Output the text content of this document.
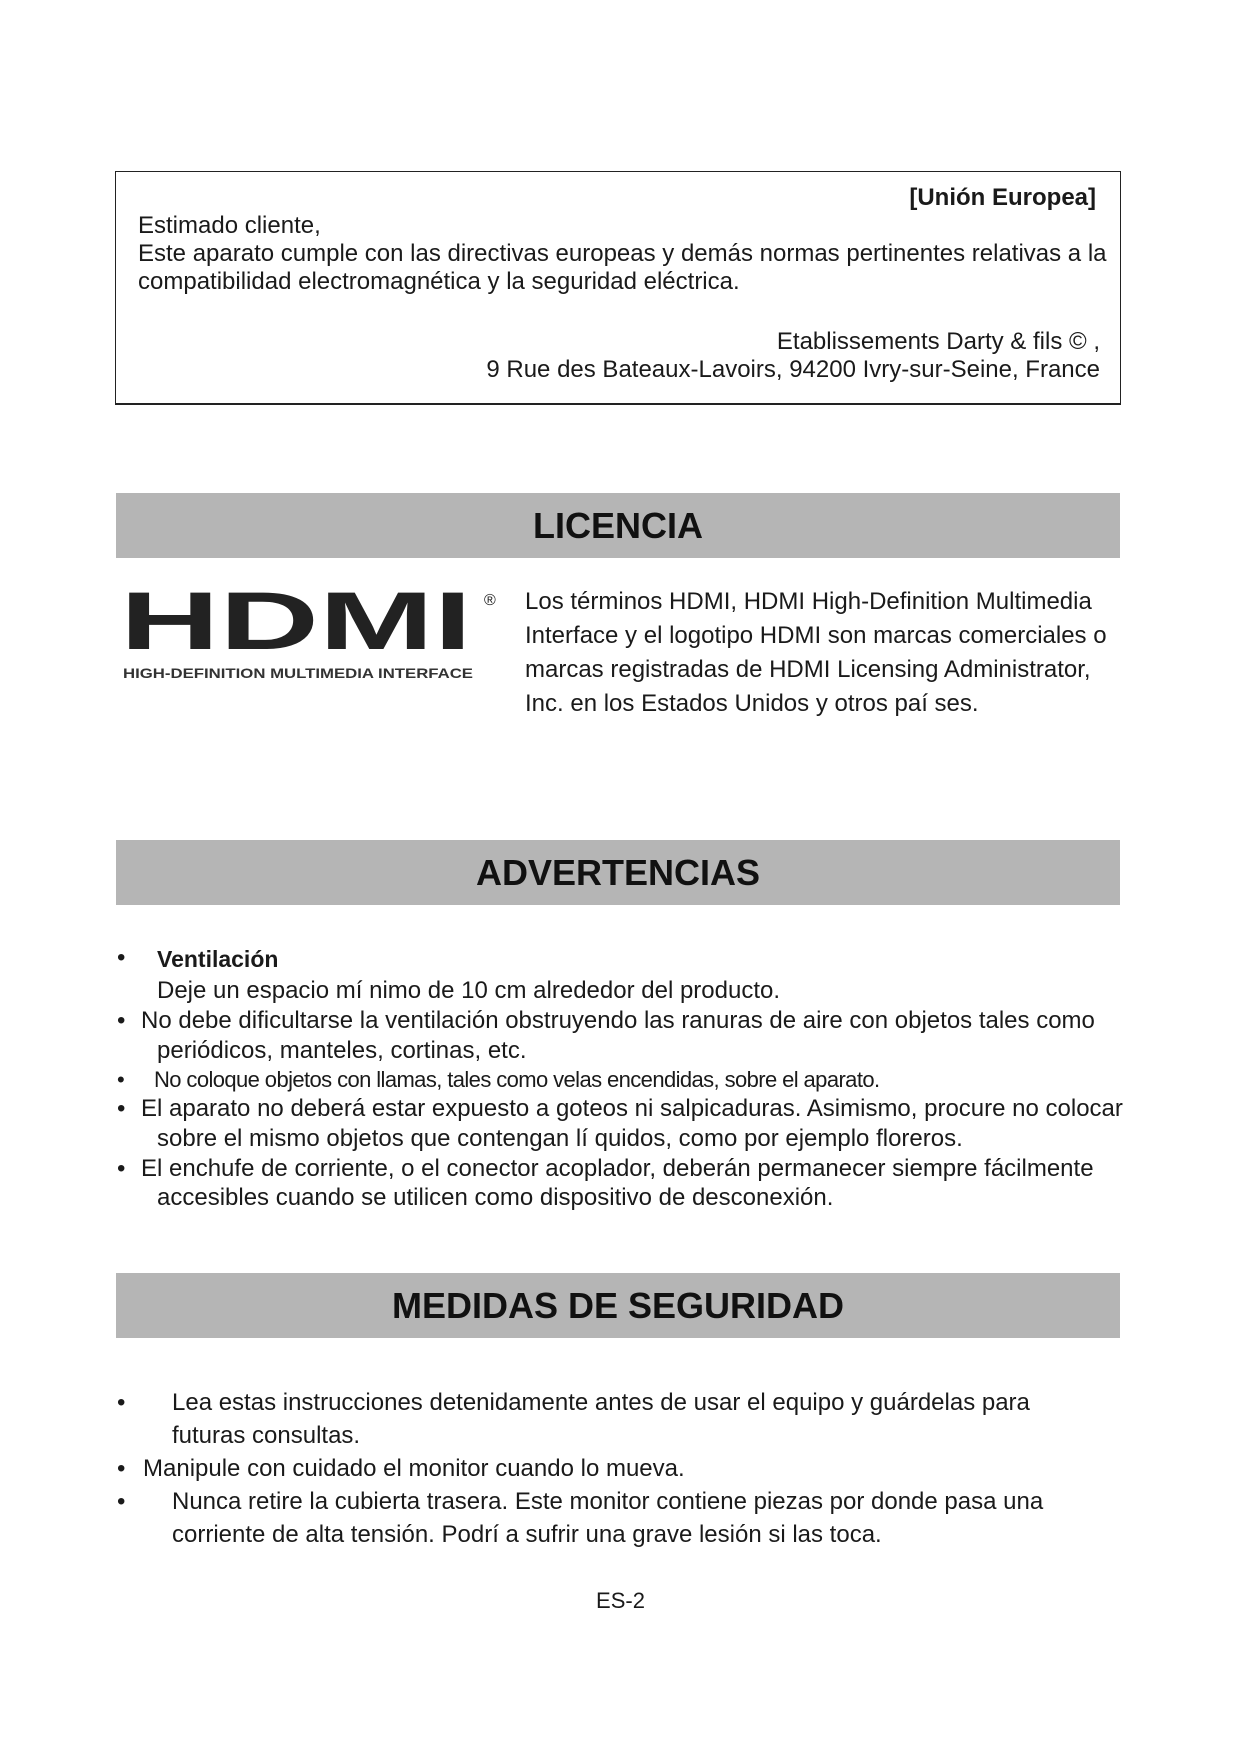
[Unión Europea]
Estimado cliente,
Este aparato cumple con las directivas europeas y demás normas pertinentes relativas a la compatibilidad electromagnética y la seguridad eléctrica.
Etablissements Darty & fils © ,
9 Rue des Bateaux-Lavoirs, 94200 Ivry-sur-Seine, France
LICENCIA
HDMI ®
HIGH-DEFINITION MULTIMEDIA INTERFACE
Los términos HDMI, HDMI High-Definition Multimedia Interface y el logotipo HDMI son marcas comerciales o marcas registradas de HDMI Licensing Administrator, Inc. en los Estados Unidos y otros paí ses.
ADVERTENCIAS
•	Ventilación
Deje un espacio mí nimo de 10 cm alrededor del producto.
• No debe dificultarse la ventilación obstruyendo las ranuras de aire con objetos tales como
periódicos, manteles, cortinas, etc.
• No coloque objetos con llamas, tales como velas encendidas, sobre el aparato.
• El aparato no deberá estar expuesto a goteos ni salpicaduras. Asimismo, procure no colocar
sobre el mismo objetos que contengan lí quidos, como por ejemplo floreros.
• El enchufe de corriente, o el conector acoplador, deberán permanecer siempre fácilmente
accesibles cuando se utilicen como dispositivo de desconexión.
MEDIDAS DE SEGURIDAD
• Lea estas instrucciones detenidamente antes de usar el equipo y guárdelas para
futuras consultas.
• Manipule con cuidado el monitor cuando lo mueva.
• Nunca retire la cubierta trasera. Este monitor contiene piezas por donde pasa una
corriente de alta tensión. Podrí a sufrir una grave lesión si las toca.
ES-2
